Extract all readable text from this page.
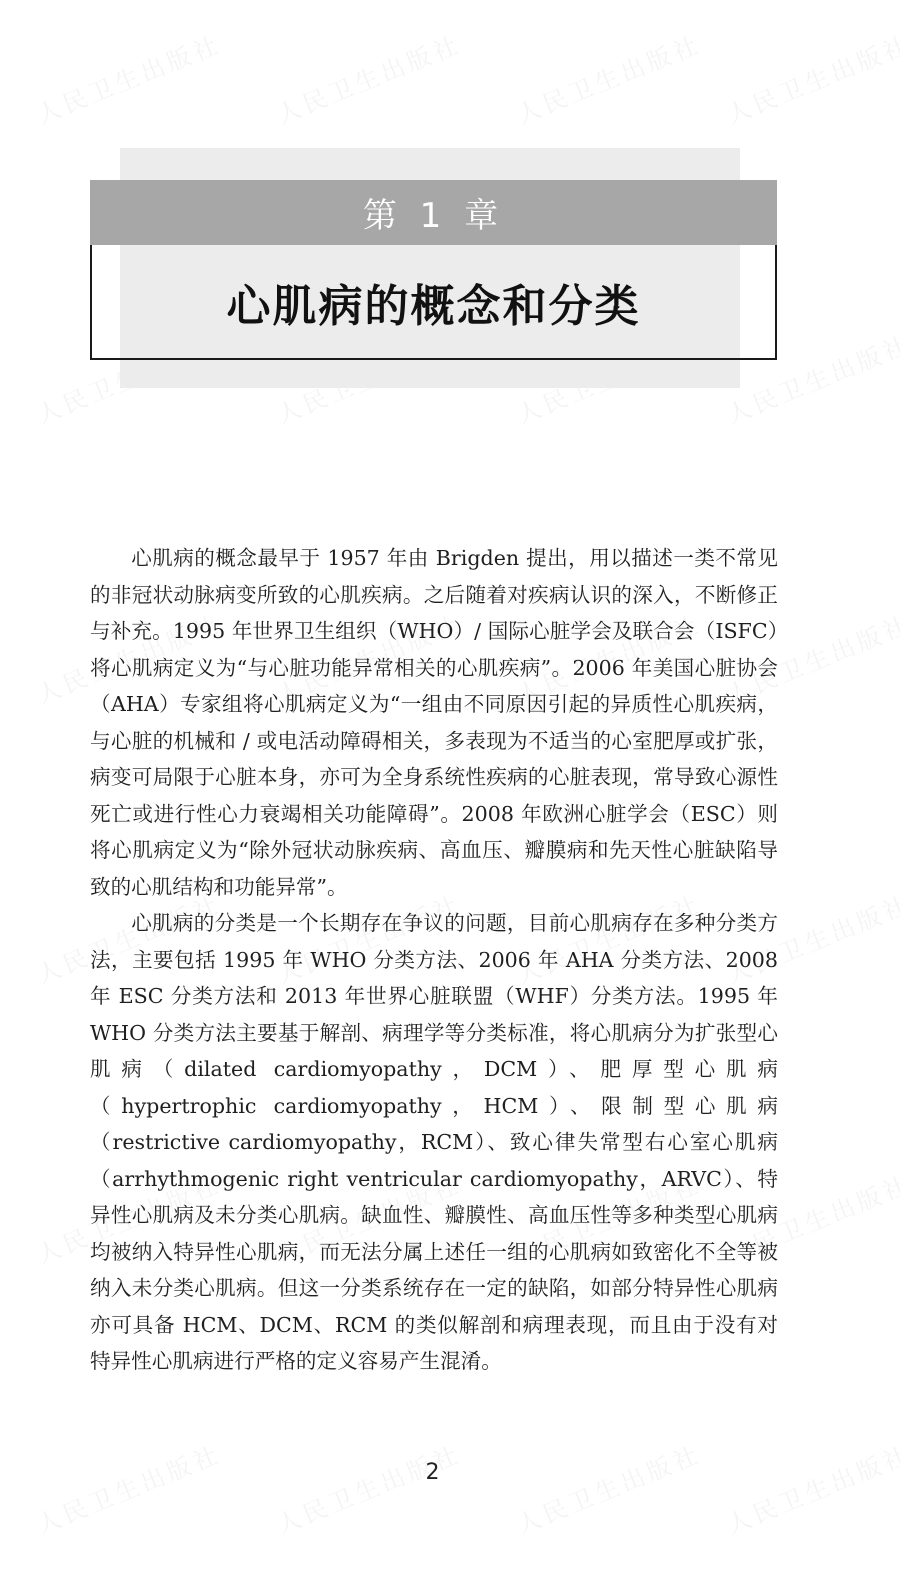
第 1 章
心肌病的概念和分类

心肌病的概念最早于 1957 年由 Brigden 提出，用以描述一类不常见的非冠状动脉病变所致的心肌疾病。之后随着对疾病认识的深入，不断修正与补充。1995 年世界卫生组织（WHO）/ 国际心脏学会及联合会（ISFC）将心肌病定义为“与心脏功能异常相关的心肌疾病”。2006 年美国心脏协会（AHA）专家组将心肌病定义为“一组由不同原因引起的异质性心肌疾病，与心脏的机械和 / 或电活动障碍相关，多表现为不适当的心室肥厚或扩张，病变可局限于心脏本身，亦可为全身系统性疾病的心脏表现，常导致心源性死亡或进行性心力衰竭相关功能障碍”。2008 年欧洲心脏学会（ESC）则将心肌病定义为“除外冠状动脉疾病、高血压、瓣膜病和先天性心脏缺陷导致的心肌结构和功能异常”。

心肌病的分类是一个长期存在争议的问题，目前心肌病存在多种分类方法，主要包括 1995 年 WHO 分类方法、2006 年 AHA 分类方法、2008 年 ESC 分类方法和 2013 年世界心脏联盟（WHF）分类方法。1995 年 WHO 分类方法主要基于解剖、病理学等分类标准，将心肌病分为扩张型心肌病（dilated cardiomyopathy，DCM）、肥厚型心肌病（hypertrophic cardiomyopathy，HCM）、限制型心肌病（restrictive cardiomyopathy，RCM）、致心律失常型右心室心肌病（arrhythmogenic right ventricular cardiomyopathy，ARVC）、特异性心肌病及未分类心肌病。缺血性、瓣膜性、高血压性等多种类型心肌病均被纳入特异性心肌病，而无法分属上述任一组的心肌病如致密化不全等被纳入未分类心肌病。但这一分类系统存在一定的缺陷，如部分特异性心肌病亦可具备 HCM、DCM、RCM 的类似解剖和病理表现，而且由于没有对特异性心肌病进行严格的定义容易产生混淆。

2
